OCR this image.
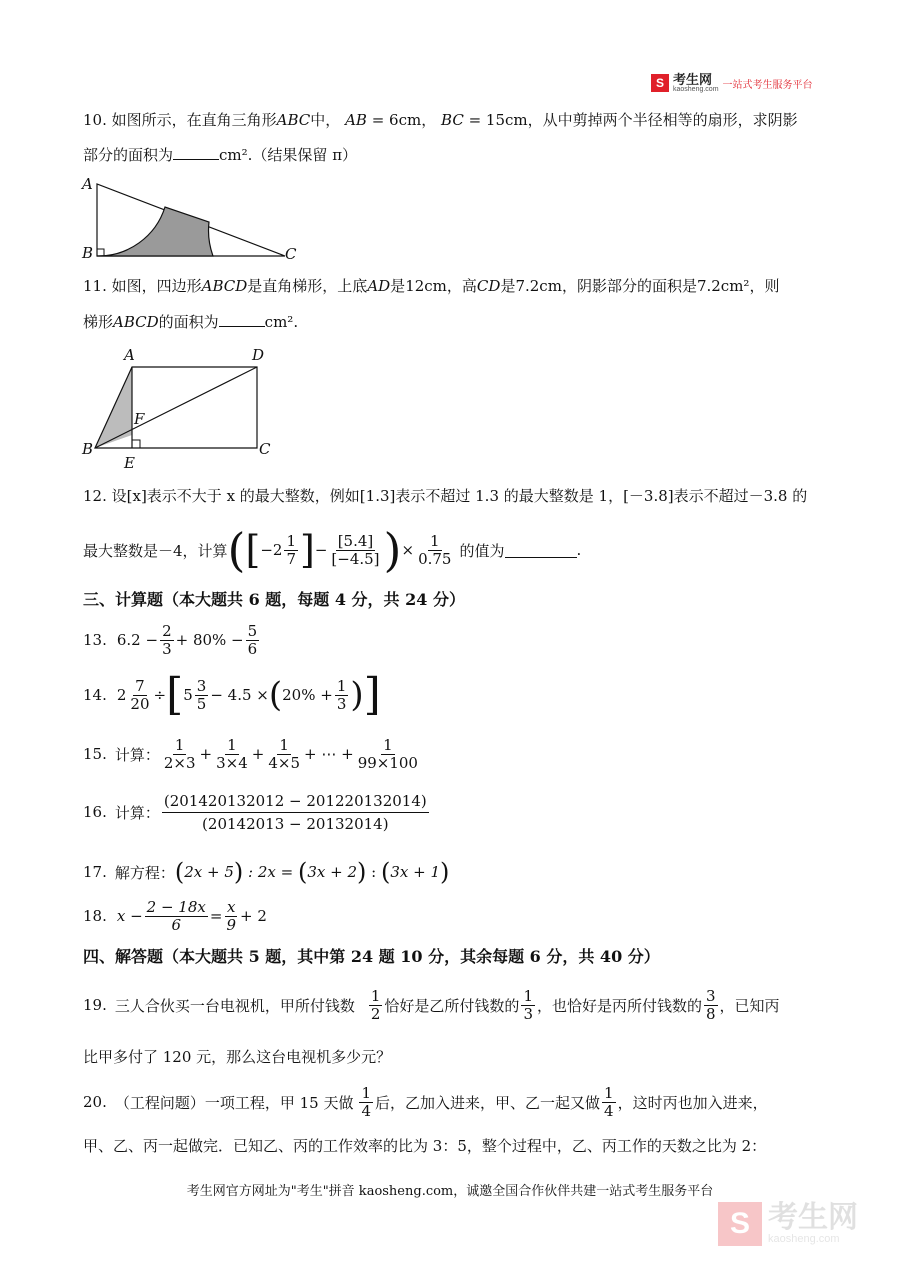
S 考生网
kaosheng.com 一站式考生服务平台
10. 如图所示，在直角三角形ABC中， AB = 6cm， BC = 15cm，从中剪掉两个半径相等的扇形，求阴影
部分的面积为	cm².（结果保留 π）
A
B	C
11. 如图，四边形ABCD是直角梯形，上底AD是12cm，高CD是7.2cm，阴影部分的面积是7.2cm²，则
梯形ABCD的面积为	cm².
A	D
F
B
E
C
12. 设[x]表示不大于 x 的最大整数，例如[1.3]表示不超过 1.3 的最大整数是 1，[－3.8]表示不超过－3.8 的
最大整数是－4，计算 ( [ $-2 \frac{1}{7}$ ] − $\frac{[5.4]}{[-4.5]}$ ) × $\frac{1}{0.75}$ 的值为	.
三、计算题（本大题共 6 题，每题 4 分，共 24 分）
13. $6.2 - \frac{2}{3} + 80\% - \frac{5}{6}$
14. $2 \frac{7}{20}$ ÷ [ $5 \frac{3}{5} - 4.5$ × ( $20\% + \frac{1}{3}$ ) ]
15. 计算： $\frac{1}{2\times 3} + \frac{1}{3\times 4} + \frac{1}{4\times 5}$ + ⋯ + $\frac{1}{99\times 100}$
16. 计算： $\frac{(201420132012 - 201220132014)}{(20142013 - 20132014)}$
17. 解方程： ( 2x + 5 ) : 2x = ( 3x + 2 ) : ( 3x + 1 )
18. $x - \frac{2 - 18x}{6} = \frac{x}{9} + 2$
四、解答题（本大题共 5 题，其中第 24 题 10 分，其余每题 6 分，共 40 分）
19. 三人合伙买一台电视机，甲所付钱数 $\frac{1}{2}$ 恰好是乙所付钱数的 $\frac{1}{3}$ ，也恰好是丙所付钱数的 $\frac{3}{8}$ ，已知丙
比甲多付了 120 元，那么这台电视机多少元？
20. （工程问题）一项工程，甲 15 天做 $\frac{1}{4}$ 后，乙加入进来，甲、乙一起又做 $\frac{1}{4}$ ，这时丙也加入进来，
甲、乙、丙一起做完．已知乙、丙的工作效率的比为 3：5，整个过程中，乙、丙工作的天数之比为 2：
考生网官方网址为"考生"拼音 kaosheng.com，诚邀全国合作伙伴共建一站式考生服务平台
S 考生网
kaosheng.com
